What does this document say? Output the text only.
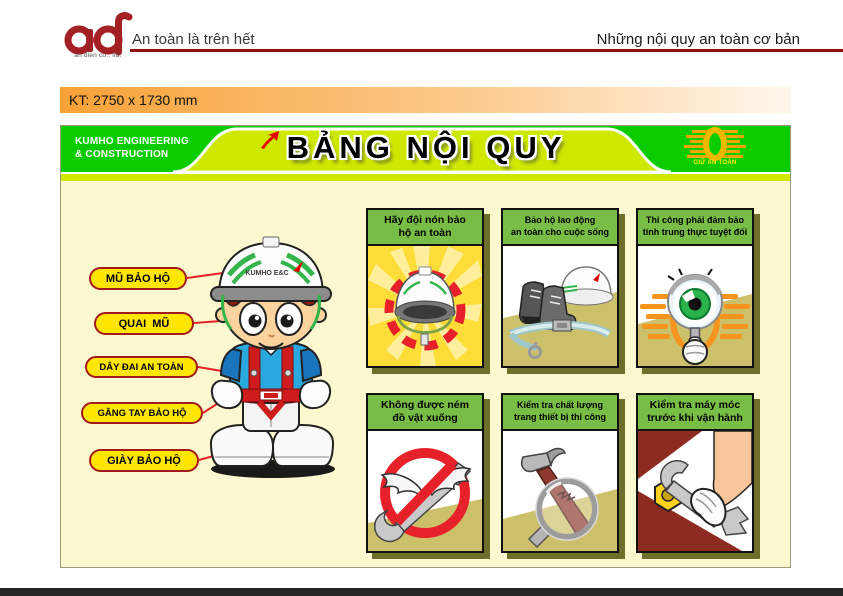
an dien co., ltd.
An toàn là trên hết	Những nội quy an toàn cơ bản
KT: 2750 x 1730 mm
KUMHO ENGINEERING
& CONSTRUCTION	BẢNG NỘI QUY	GIỮ AN TOÀN
MŨ BẢO HỘ
QUAI  MŨ
DÂY ĐAI AN TOÀN
GĂNG TAY BẢO HỘ
GIÀY BẢO HỘ
KUMHO E&C
Hãy đội nón bảo
hộ an toàn
Bảo hộ lao động
an toàn cho cuộc sống
Thi công phải đảm bảo
tính trung thực tuyệt đối
Không được ném
đồ vật xuống
Kiểm tra chất lượng
trang thiết bị thi công
Kiểm tra máy móc
trước khi vận hành
